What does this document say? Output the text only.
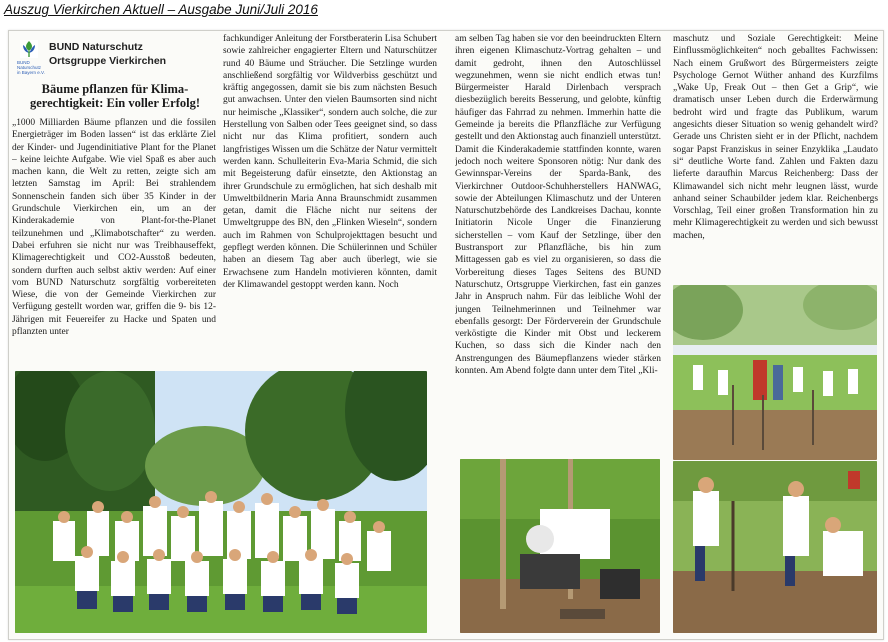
Auszug Vierkirchen Aktuell – Ausgabe Juni/Juli 2016
BUND Naturschutz in Bayern e.V.
BUND Naturschutz
Ortsgruppe Vierkirchen
Bäume pflanzen für Klima- gerechtigkeit: Ein voller Erfolg!

„1000 Milliarden Bäume pflanzen und die fossilen Energieträger im Boden lassen“ ist das erklärte Ziel der Kinder- und Jugendinitiative Plant for the Planet – keine leichte Aufgabe. Wie viel Spaß es aber auch machen kann, die Welt zu retten, zeigte sich am letzten Samstag im April: Bei strahlendem Sonnenschein fanden sich über 35 Kinder in der Grundschule Vierkirchen ein, um an der Kinderakademie von Plant-for-the-Planet teilzunehmen und „Klimabotschafter“ zu werden. Dabei erfuhren sie nicht nur was Treibhauseffekt, Klimagerechtigkeit und CO2-Ausstoß bedeuten, sondern durften auch selbst aktiv werden: Auf einer vom BUND Naturschutz sorgfältig vorbereiteten Wiese, die von der Gemeinde Vierkirchen zur Verfügung gestellt worden war, griffen die 9- bis 12-Jährigen mit Feuereifer zu Hacke und Spaten und pflanzten unter

fachkundiger Anleitung der Forstberaterin Lisa Schubert sowie zahlreicher engagierter Eltern und Naturschützer rund 40 Bäume und Sträucher. Die Setzlinge wurden anschließend sorgfältig vor Wildverbiss geschützt und kräftig angegossen, damit sie bis zum nächsten Besuch gut anwachsen. Unter den vielen Baumsorten sind nicht nur heimische „Klassiker“, sondern auch solche, die zur Herstellung von Salben oder Tees geeignet sind, so dass nicht nur das Klima profitiert, sondern auch langfristiges Wissen um die Schätze der Natur vermittelt werden kann. Schulleiterin Eva-Maria Schmid, die sich mit Begeisterung dafür einsetzte, den Aktionstag an ihrer Grundschule zu ermöglichen, hat sich deshalb mit Umweltbildnerin Maria Anna Braunschmidt zusammen getan, damit die Fläche nicht nur seitens der Umweltgruppe des BN, den „Flinken Wieseln“, sondern auch im Rahmen von Schulprojekttagen besucht und gepflegt werden können. Die Schülerinnen und Schüler haben an diesem Tag aber auch überlegt, wie sie Erwachsene zum Handeln motivieren könnten, damit der Klimawandel gestoppt werden kann. Noch

am selben Tag haben sie vor den beeindruckten Eltern ihren eigenen Klimaschutz-Vortrag gehalten – und damit gedroht, ihnen den Autoschlüssel wegzunehmen, wenn sie nicht endlich etwas tun! Bürgermeister Harald Dirlenbach versprach diesbezüglich bereits Besserung, und gelobte, künftig häufiger das Fahrrad zu nehmen. Immerhin hatte die Gemeinde ja bereits die Pflanzfläche zur Verfügung gestellt und den Aktionstag auch finanziell unterstützt. Damit die Kinderakademie stattfinden konnte, waren jedoch noch weitere Sponsoren nötig: Nur dank des Gewinnspar-Vereins der Sparda-Bank, des Vierkirchner Outdoor-Schuhherstellers HANWAG, sowie der Abteilungen Klimaschutz und der Unteren Naturschutzbehörde des Landkreises Dachau, konnte Initiatorin Nicole Unger die Finanzierung sicherstellen – vom Kauf der Setzlinge, über den Bustransport zur Pflanzfläche, bis hin zum Mittagessen gab es viel zu organisieren, so dass die Vorbereitung dieses Tages Seitens des BUND Naturschutz, Ortsgruppe Vierkirchen, fast ein ganzes Jahr in Anspruch nahm. Für das leibliche Wohl der jungen Teilnehmerinnen und Teilnehmer war ebenfalls gesorgt: Der Förderverein der Grundschule verköstigte die Kinder mit Obst und leckerem Kuchen, so dass sich die Kinder nach den Anstrengungen des Bäumepflanzens wieder stärken konnten. Am Abend folgte dann unter dem Titel „Kli-

maschutz und Soziale Gerechtigkeit: Meine Einflussmöglichkeiten“ noch geballtes Fachwissen: Nach einem Grußwort des Bürgermeisters zeigte Psychologe Gernot Wüther anhand des Kurzfilms „Wake Up, Freak Out – then Get a Grip“, wie dramatisch unser Leben durch die Erderwärmung bedroht wird und fragte das Publikum, warum angesichts dieser Situation so wenig gehandelt wird? Gerade uns Christen sieht er in der Pflicht, nachdem sogar Papst Franziskus in seiner Enzyklika „Laudato si“ deutliche Worte fand. Zahlen und Fakten dazu lieferte daraufhin Marcus Reichenberg: Dass der Klimawandel sich nicht mehr leugnen lässt, wurde anhand seiner Schaubilder jedem klar. Reichenbergs Vorschlag, Teil einer großen Transformation hin zu mehr Klimagerechtigkeit zu werden und sich bewusst machen,
